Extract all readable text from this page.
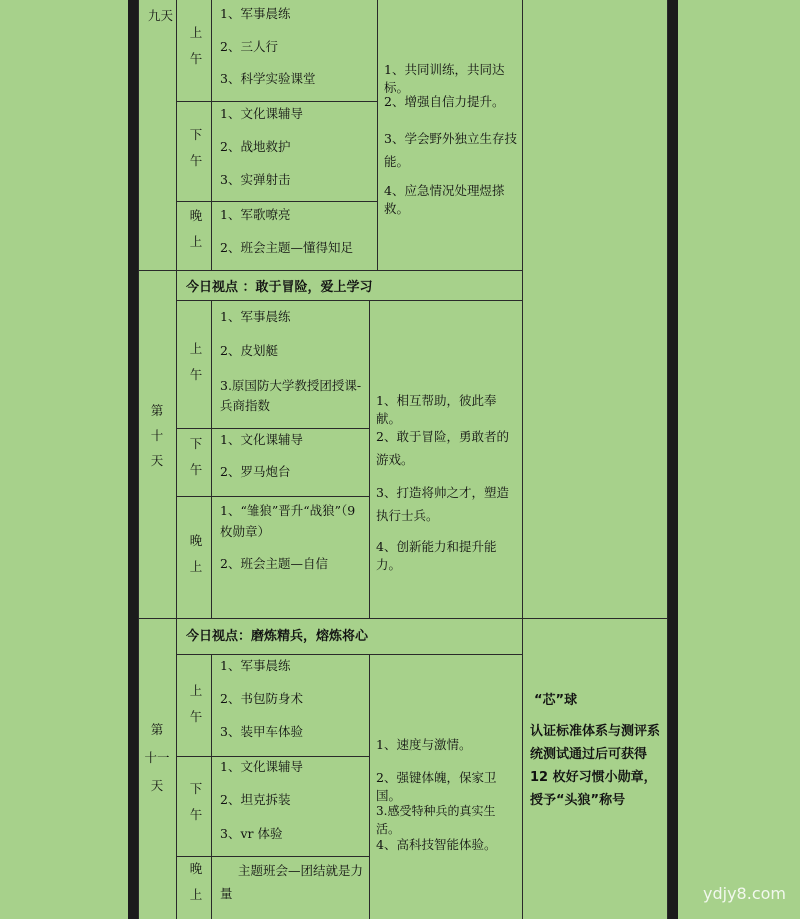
九天
上
午
1、军事晨练
2、三人行
3、科学实验课堂
下
午
1、文化课辅导
2、战地救护
3、实弹射击
晚
上
1、军歌嘹亮
2、班会主题—懂得知足
1、共同训练，共同达标。
2、增强自信力提升。
3、学会野外独立生存技能。
4、应急情况处理煜搽救。
今日视点 ：敢于冒险，爱上学习
第
十
天
上
午
1、军事晨练
2、皮划艇
3.原国防大学教授团授课-兵商指数
下
午
1、文化课辅导
2、罗马炮台
晚
上
1、“雏狼”晋升“战狼”（9 枚勋章）
2、班会主题—自信
1、相互帮助，彼此奉献。
2、敢于冒险，勇敢者的游戏。
3、打造将帅之才，塑造执行士兵。
4、创新能力和提升能力。
今日视点：磨炼精兵，熔炼将心
第
十一
天
上
午
1、军事晨练
2、书包防身术
3、装甲车体验
下
午
1、文化课辅导
2、坦克拆装
3、vr 体验
晚
上
主题班会—团结就是力量
1、速度与激情。
2、强键体魄，保家卫国。
3.感受特种兵的真实生活。
4、高科技智能体验。
“芯”球
认证标准体系与测评系统测试通过后可获得 12 枚好习惯小勋章，授予“头狼”称号
ydjy8.com
